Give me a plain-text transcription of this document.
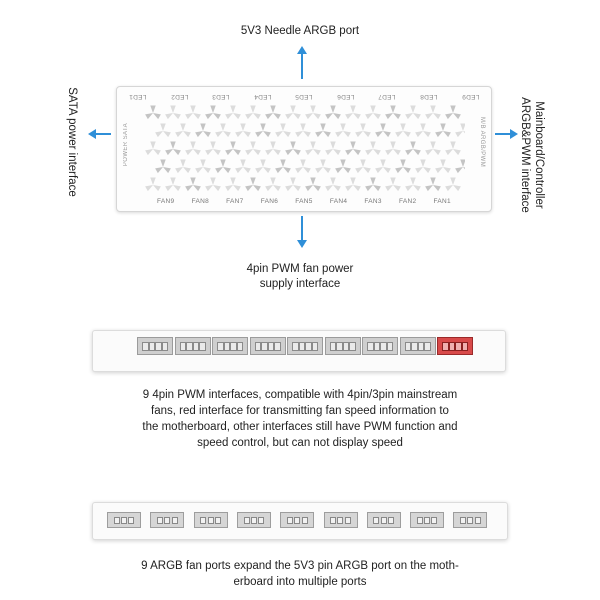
5V3 Needle ARGB port
SATA power interface	Mainboard/Controller
ARGB&PWM interface
LED1	LED2	LED3	LED4	LED5	LED6	LED7	LED8	LED9
POWER SATA	M/B ARGB/PWM
FAN9	FAN8	FAN7	FAN6	FAN5	FAN4	FAN3	FAN2	FAN1
4pin PWM fan power
supply interface
9 4pin PWM interfaces, compatible with 4pin/3pin mainstream
fans, red interface for transmitting fan speed information to
the motherboard, other interfaces still have PWM function and
speed control, but can not display speed
9 ARGB fan ports expand the 5V3 pin ARGB port on the moth-
erboard into multiple ports
